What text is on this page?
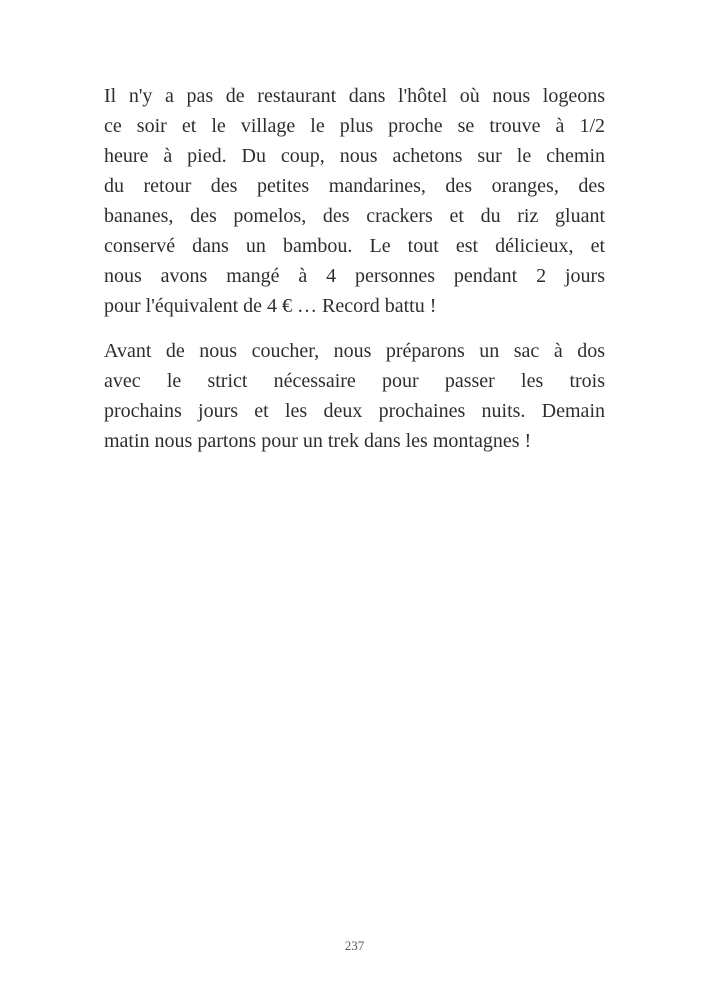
Il n'y a pas de restaurant dans l'hôtel où nous logeons
ce soir et le village le plus proche se trouve à 1/2
heure à pied. Du coup, nous achetons sur le chemin
du retour des petites mandarines, des oranges, des
bananes, des pomelos, des crackers et du riz gluant
conservé dans un bambou. Le tout est délicieux, et
nous avons mangé à 4 personnes pendant 2 jours
pour l'équivalent de 4 € … Record battu !
Avant de nous coucher, nous préparons un sac à dos
avec le strict nécessaire pour passer les trois
prochains jours et les deux prochaines nuits. Demain
matin nous partons pour un trek dans les montagnes !
237
